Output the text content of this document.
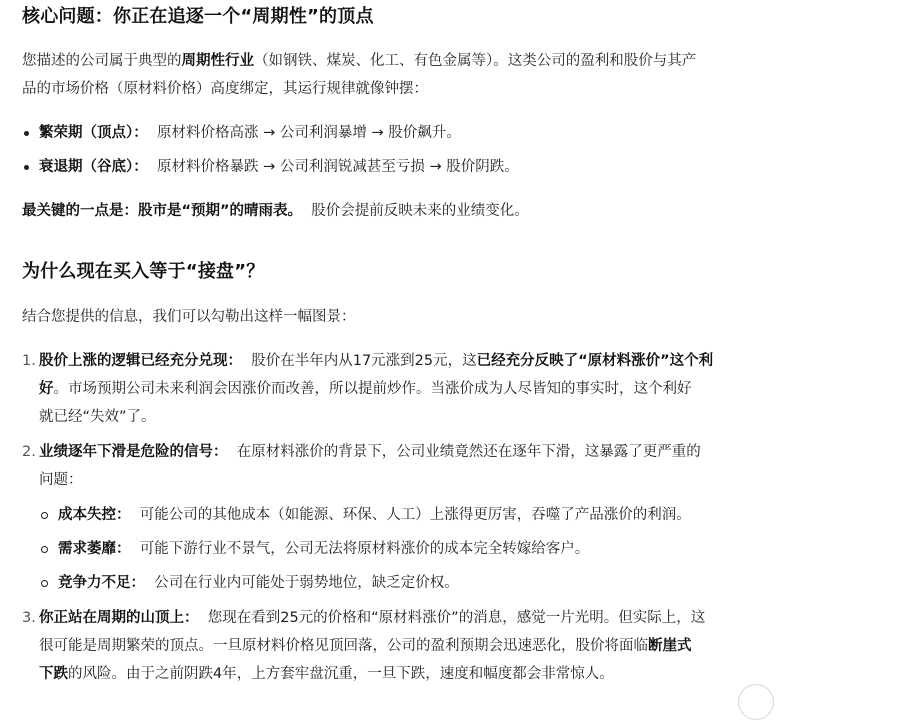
核心问题：你正在追逐一个“周期性”的顶点

您描述的公司属于典型的周期性行业（如钢铁、煤炭、化工、有色金属等）。这类公司的盈利和股价与其产
品的市场价格（原材料价格）高度绑定，其运行规律就像钟摆：

繁荣期（顶点）： 原材料价格高涨 → 公司利润暴增 → 股价飙升。
衰退期（谷底）： 原材料价格暴跌 → 公司利润锐减甚至亏损 → 股价阴跌。

最关键的一点是：股市是“预期”的晴雨表。 股价会提前反映未来的业绩变化。

为什么现在买入等于“接盘”？

结合您提供的信息，我们可以勾勒出这样一幅图景：

1. 股价上涨的逻辑已经充分兑现： 股价在半年内从17元涨到25元，这已经充分反映了“原材料涨价”这个利
好。市场预期公司未来利润会因涨价而改善，所以提前炒作。当涨价成为人尽皆知的事实时，这个利好
就已经“失效”了。
2. 业绩逐年下滑是危险的信号： 在原材料涨价的背景下，公司业绩竟然还在逐年下滑，这暴露了更严重的
问题：
成本失控： 可能公司的其他成本（如能源、环保、人工）上涨得更厉害，吞噬了产品涨价的利润。
需求萎靡： 可能下游行业不景气，公司无法将原材料涨价的成本完全转嫁给客户。
竞争力不足： 公司在行业内可能处于弱势地位，缺乏定价权。
3. 你正站在周期的山顶上： 您现在看到25元的价格和“原材料涨价”的消息，感觉一片光明。但实际上，这
很可能是周期繁荣的顶点。一旦原材料价格见顶回落，公司的盈利预期会迅速恶化，股价将面临断崖式
下跌的风险。由于之前阴跌4年，上方套牢盘沉重，一旦下跌，速度和幅度都会非常惊人。
